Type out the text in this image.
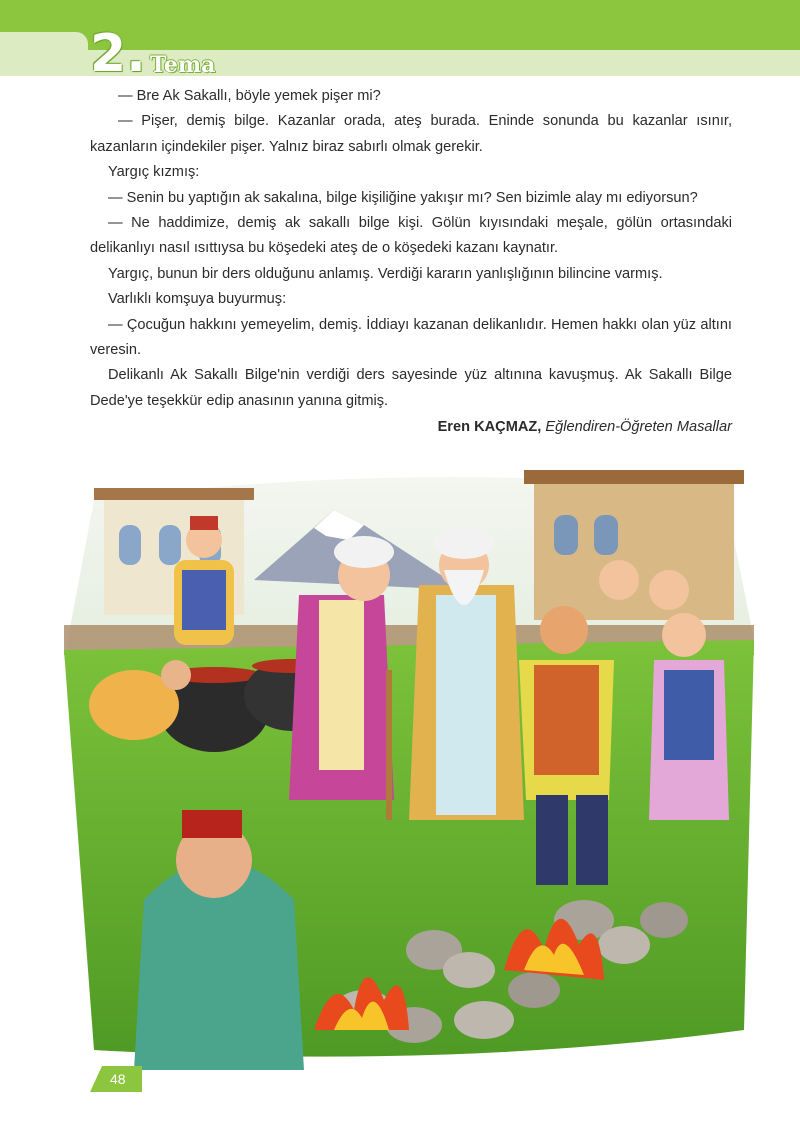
2. Tema

— Bre Ak Sakallı, böyle yemek pişer mi?

— Pişer, demiş bilge. Kazanlar orada, ateş burada. Eninde sonunda bu kazanlar ısınır, kazanların içindekiler pişer. Yalnız biraz sabırlı olmak gerekir.

Yargıç kızmış:

— Senin bu yaptığın ak sakalına, bilge kişiliğine yakışır mı? Sen bizimle alay mı ediyorsun?

— Ne haddimize, demiş ak sakallı bilge kişi. Gölün kıyısındaki meşale, gölün ortasındaki delikanlıyı nasıl ısıttıysa bu köşedeki ateş de o köşedeki kazanı kaynatır.

Yargıç, bunun bir ders olduğunu anlamış. Verdiği kararın yanlışlığının bilincine varmış.

Varlıklı komşuya buyurmuş:

— Çocuğun hakkını yemeyelim, demiş. İddiayı kazanan delikanlıdır. Hemen hakkı olan yüz altını veresin.

Delikanlı Ak Sakallı Bilge'nin verdiği ders sayesinde yüz altınına kavuşmuş. Ak Sakallı Bilge Dede'ye teşekkür edip anasının yanına gitmiş.

Eren KAÇMAZ, Eğlendiren-Öğreten Masallar
48
